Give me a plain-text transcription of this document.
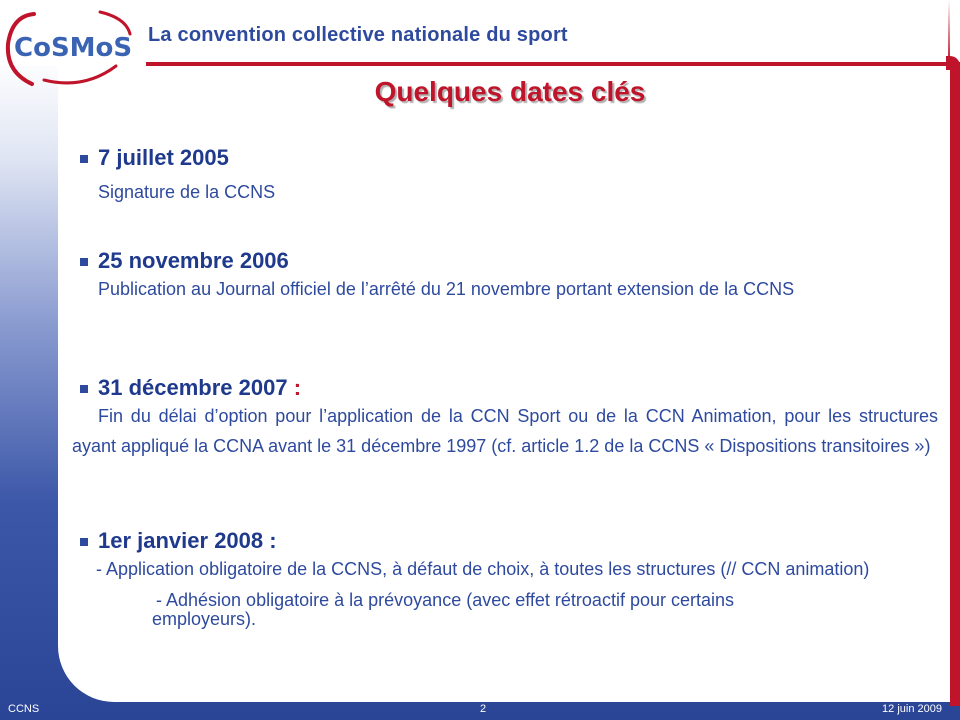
CoSMoS La convention collective nationale du sport
Quelques dates clés
7 juillet 2005
Signature de la CCNS
25 novembre 2006
Publication au Journal officiel de l’arrêté du 21 novembre portant extension de la CCNS
31 décembre 2007 :
Fin du délai d’option pour l’application de la CCN Sport ou de la CCN Animation, pour les structures ayant appliqué la CCNA avant le 31 décembre 1997 (cf. article 1.2 de la CCNS « Dispositions transitoires »)
1er janvier 2008 :
- Application obligatoire de la CCNS, à défaut de choix, à toutes les structures (// CCN animation)
- Adhésion obligatoire à la prévoyance (avec effet rétroactif pour certains employeurs).
CCNS	2	12 juin 2009
